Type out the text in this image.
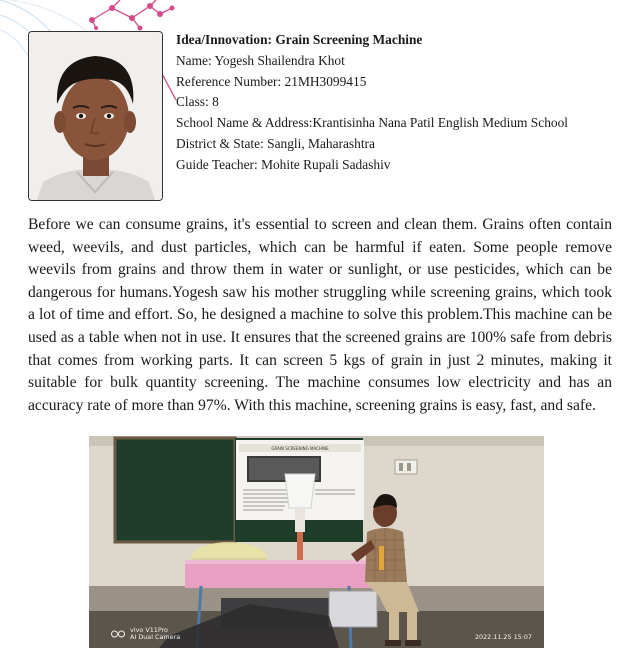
Idea/Innovation: Grain Screening Machine
Name: Yogesh Shailendra Khot
Reference Number: 21MH3099415
Class: 8
School Name & Address:Krantisinha Nana Patil English Medium School
District & State: Sangli, Maharashtra
Guide Teacher: Mohite Rupali Sadashiv

Before we can consume grains, it's essential to screen and clean them. Grains often contain weed, weevils, and dust particles, which can be harmful if eaten. Some people remove weevils from grains and throw them in water or sunlight, or use pesticides, which can be dangerous for humans.Yogesh saw his mother struggling while screening grains, which took a lot of time and effort. So, he designed a machine to solve this problem.This machine can be used as a table when not in use. It ensures that the screened grains are 100% safe from debris that comes from working parts. It can screen 5 kgs of grain in just 2 minutes, making it suitable for bulk quantity screening. The machine consumes low electricity and has an accuracy rate of more than 97%. With this machine, screening grains is easy, fast, and safe.

GRAIN SCREENING MACHINE
vivo V11Pro
AI Dual Camera	2022.11.25 15:07
